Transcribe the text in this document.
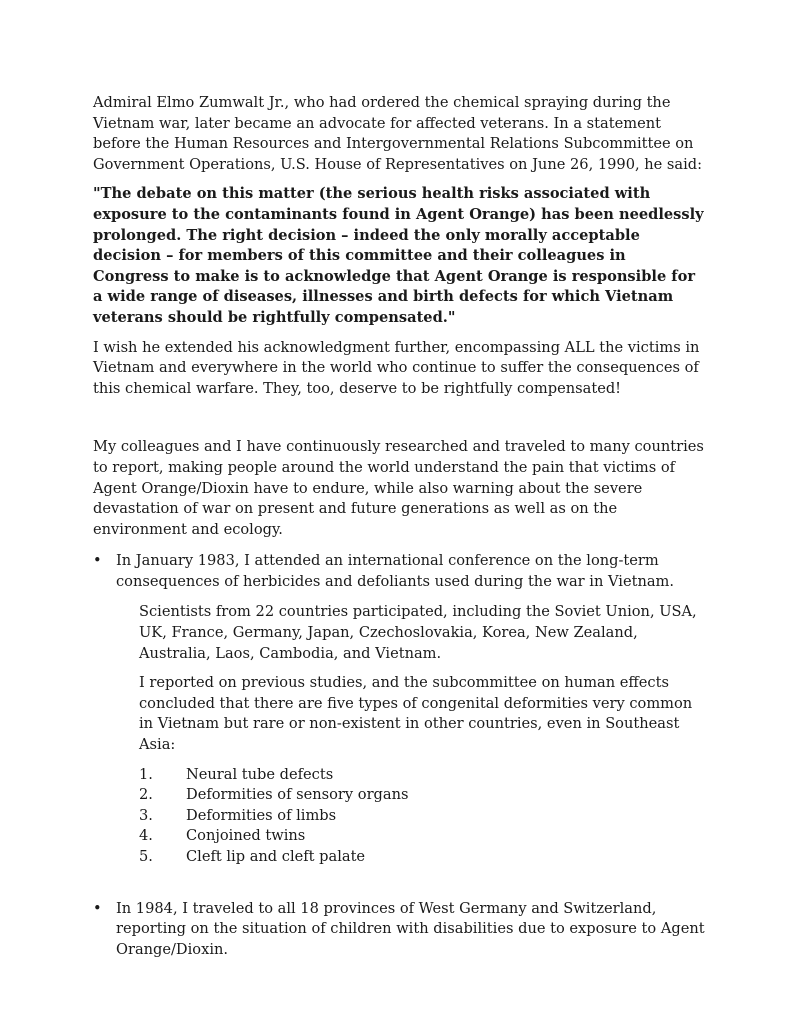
Admiral Elmo Zumwalt Jr., who had ordered the chemical spraying during the Vietnam war, later became an advocate for affected veterans. In a statement before the Human Resources and Intergovernmental Relations Subcommittee on Government Operations, U.S. House of Representatives on June 26, 1990, he said:

"The debate on this matter (the serious health risks associated with exposure to the contaminants found in Agent Orange) has been needlessly prolonged. The right decision – indeed the only morally acceptable decision – for members of this committee and their colleagues in Congress to make is to acknowledge that Agent Orange is responsible for a wide range of diseases, illnesses and birth defects for which Vietnam veterans should be rightfully compensated."

I wish he extended his acknowledgment further, encompassing ALL the victims in Vietnam and everywhere in the world who continue to suffer the consequences of this chemical warfare. They, too, deserve to be rightfully compensated!

My colleagues and I have continuously researched and traveled to many countries to report, making people around the world understand the pain that victims of Agent Orange/Dioxin have to endure, while also warning about the severe devastation of war on present and future generations as well as on the environment and ecology.

• In January 1983, I attended an international conference on the long-term consequences of herbicides and defoliants used during the war in Vietnam.

Scientists from 22 countries participated, including the Soviet Union, USA, UK, France, Germany, Japan, Czechoslovakia, Korea, New Zealand, Australia, Laos, Cambodia, and Vietnam.

I reported on previous studies, and the subcommittee on human effects concluded that there are five types of congenital deformities very common in Vietnam but rare or non-existent in other countries, even in Southeast Asia:

1.	Neural tube defects
2.	Deformities of sensory organs
3.	Deformities of limbs
4.	Conjoined twins
5.	Cleft lip and cleft palate
• In 1984, I traveled to all 18 provinces of West Germany and Switzerland, reporting on the situation of children with disabilities due to exposure to Agent Orange/Dioxin.
